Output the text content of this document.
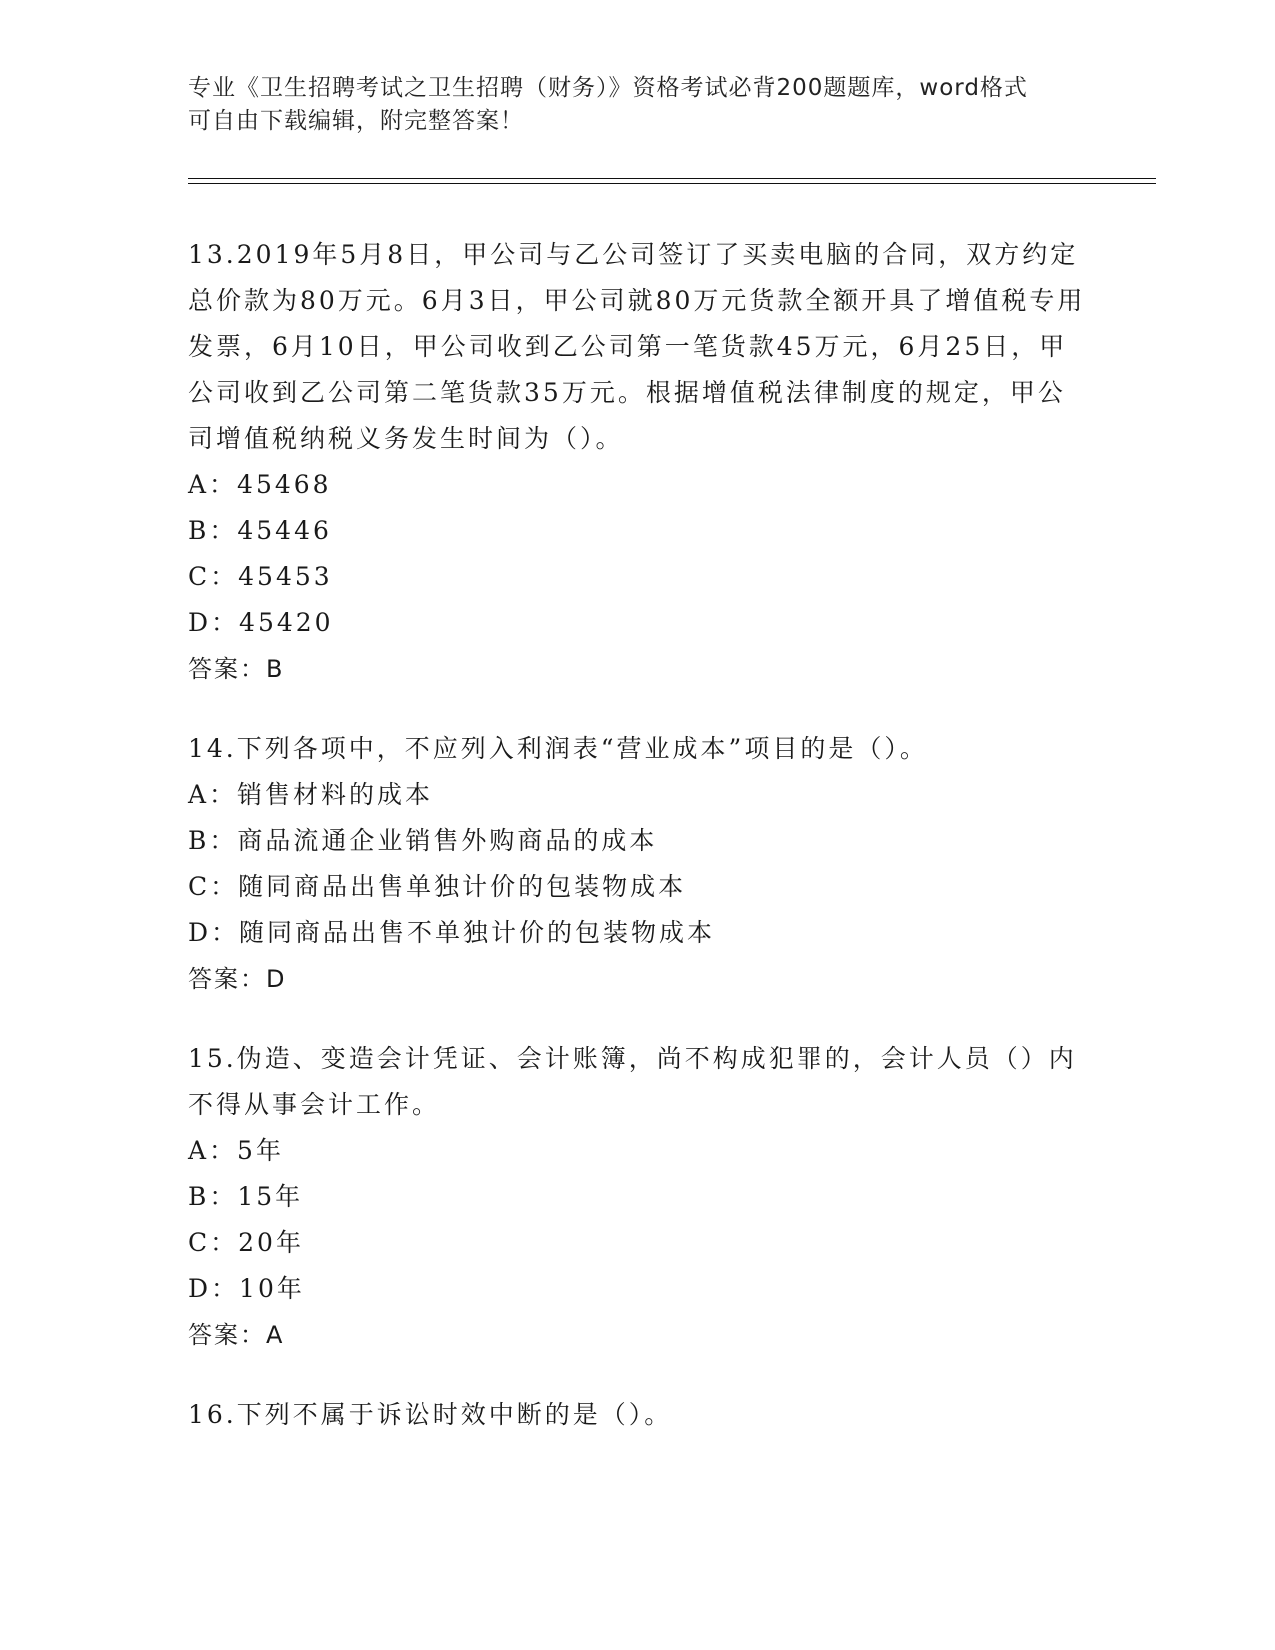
专业《卫生招聘考试之卫生招聘（财务）》资格考试必背200题题库，word格式
可自由下载编辑，附完整答案！

13.2019年5月8日，甲公司与乙公司签订了买卖电脑的合同，双方约定总价款为80万元。6月3日，甲公司就80万元货款全额开具了增值税专用发票，6月10日，甲公司收到乙公司第一笔货款45万元，6月25日，甲公司收到乙公司第二笔货款35万元。根据增值税法律制度的规定，甲公司增值税纳税义务发生时间为（）。

A：45468

B：45446

C：45453

D：45420

答案：B

14.下列各项中，不应列入利润表“营业成本”项目的是（）。

A：销售材料的成本

B：商品流通企业销售外购商品的成本

C：随同商品出售单独计价的包装物成本

D：随同商品出售不单独计价的包装物成本

答案：D

15.伪造、变造会计凭证、会计账簿，尚不构成犯罪的，会计人员（）内不得从事会计工作。

A：5年

B：15年

C：20年

D：10年

答案：A

16.下列不属于诉讼时效中断的是（）。
